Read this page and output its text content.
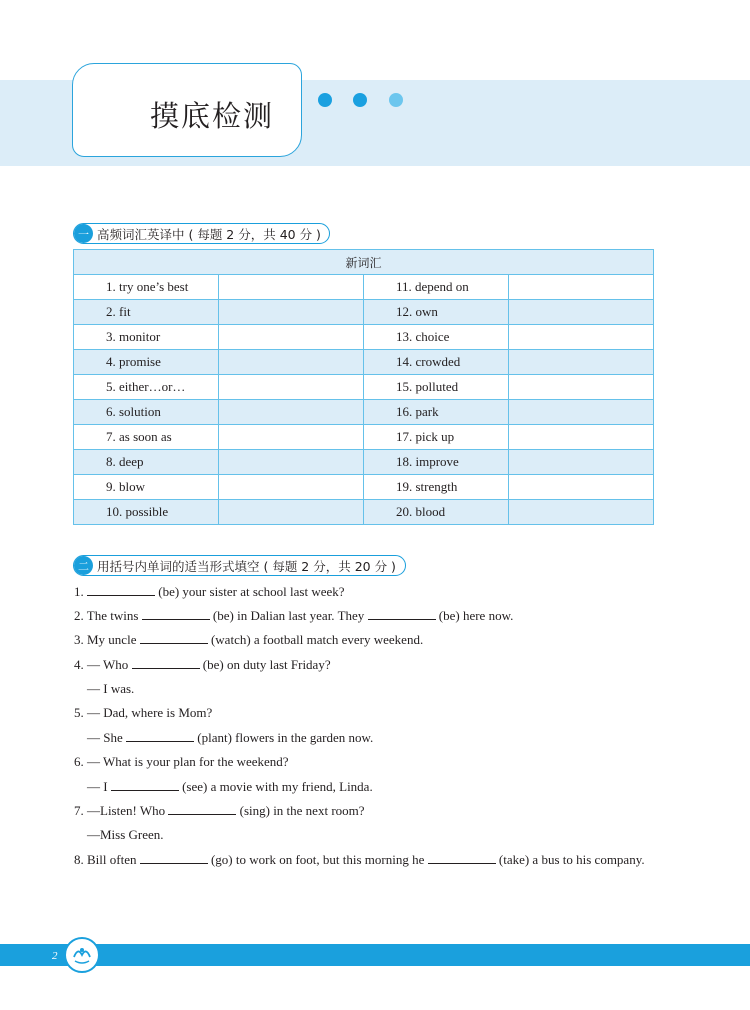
摸底检测
一 高频词汇英译中 ( 每题 2 分，共 40 分 )
新词汇			
1. try one’s best		11. depend on	
2. fit		12. own	
3. monitor		13. choice	
4. promise		14. crowded	
5. either…or…		15. polluted	
6. solution		16. park	
7. as soon as		17. pick up	
8. deep		18. improve	
9. blow		19. strength	
10. possible		20. blood	
二 用括号内单词的适当形式填空 ( 每题 2 分，共 20 分 )
1.	(be) your sister at school last week?
2. The twins	(be) in Dalian last year. They	(be) here now.
3. My uncle	(watch) a football match every weekend.
4. — Who	(be) on duty last Friday?
— I was.
5. — Dad, where is Mom?
— She	(plant) flowers in the garden now.
6. — What is your plan for the weekend?
— I	(see) a movie with my friend, Linda.
7. —Listen! Who	(sing) in the next room?
—Miss Green.
8. Bill often	(go) to work on foot, but this morning he	(take) a bus to his company.
2
